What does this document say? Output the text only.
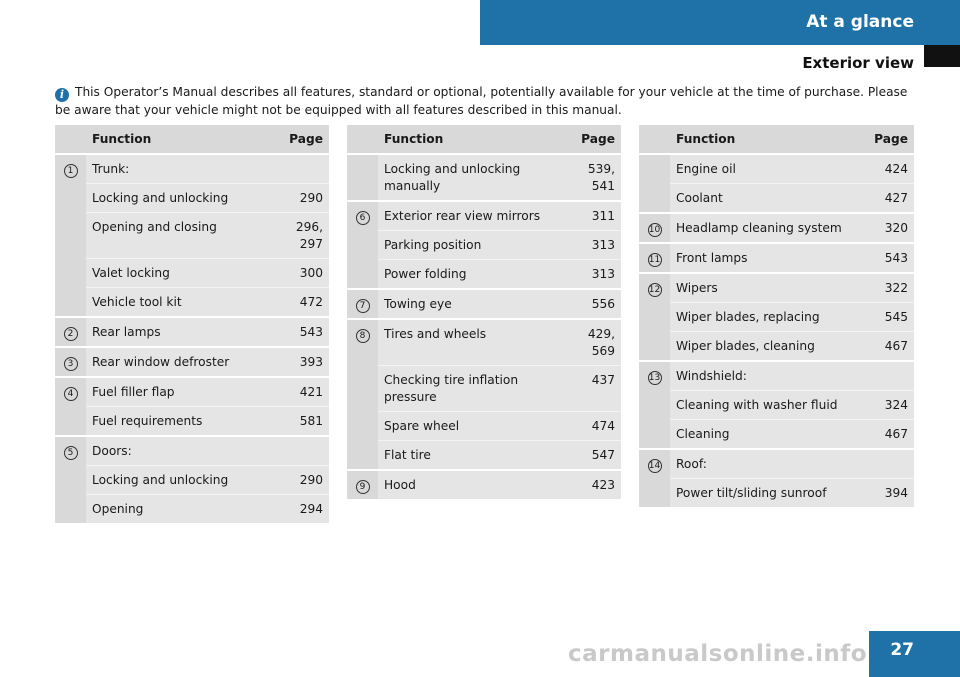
At a glance
Exterior view
i This Operator’s Manual describes all features, standard or optional, potentially available for your vehicle at the time of purchase. Please be aware that your vehicle might not be equipped with all features described in this manual.
	Function	Page
1	Trunk:	
	Locking and unlocking	290
	Opening and closing	296,
297
	Valet locking	300
	Vehicle tool kit	472
2	Rear lamps	543
3	Rear window defroster	393
4	Fuel filler flap	421
	Fuel requirements	581
5	Doors:	
	Locking and unlocking	290
	Opening	294
	Function	Page
	Locking and unlocking
manually	539,
541
6	Exterior rear view mirrors	311
	Parking position	313
	Power folding	313
7	Towing eye	556
8	Tires and wheels	429,
569
	Checking tire inflation
pressure	437
	Spare wheel	474
	Flat tire	547
9	Hood	423
	Function	Page
	Engine oil	424
	Coolant	427
10	Headlamp cleaning system	320
11	Front lamps	543
12	Wipers	322
	Wiper blades, replacing	545
	Wiper blades, cleaning	467
13	Windshield:	
	Cleaning with washer fluid	324
	Cleaning	467
14	Roof:	
	Power tilt/sliding sunroof	394
27
carmanualsonline.info
